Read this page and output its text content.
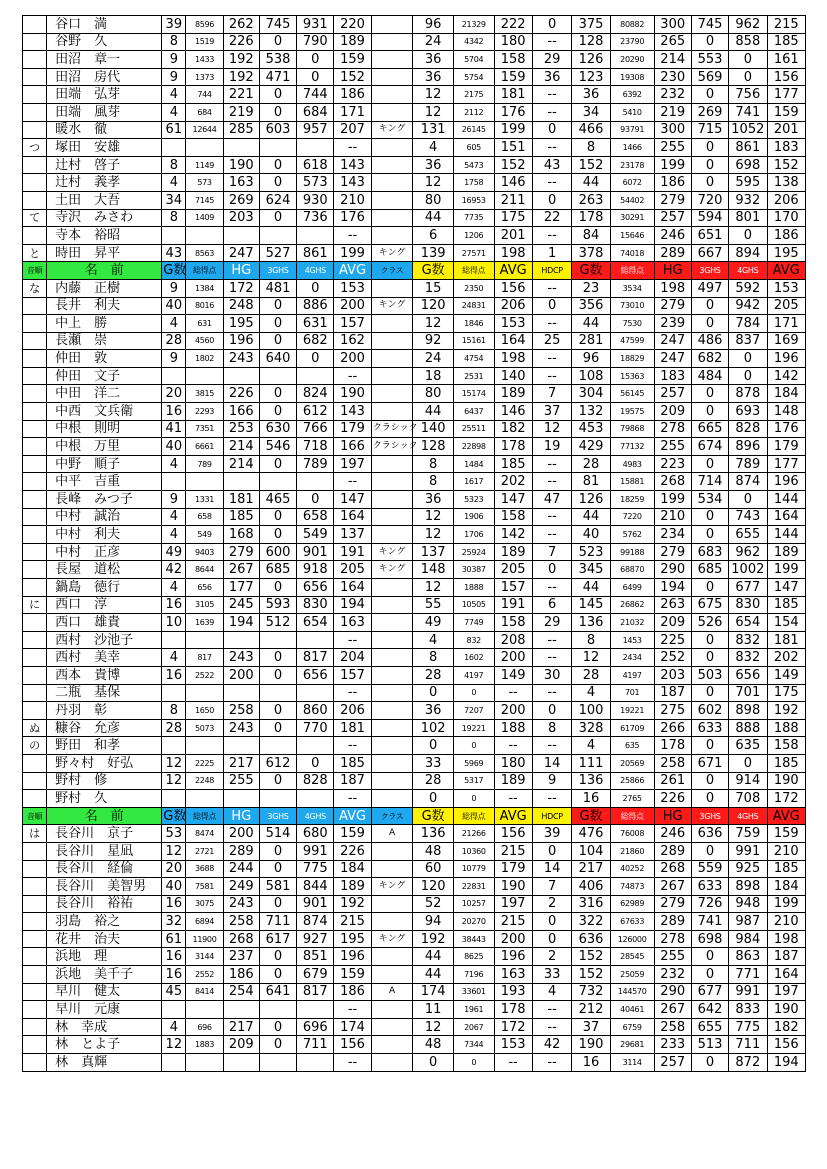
	谷口　満	39	8596	262	745	931	220		96	21329	222	0	375	80882	300	745	962	215
	谷野　久	8	1519	226	0	790	189		24	4342	180	--	128	23790	265	0	858	185
	田沼　章一	9	1433	192	538	0	159		36	5704	158	29	126	20290	214	553	0	161
	田沼　房代	9	1373	192	471	0	152		36	5754	159	36	123	19308	230	569	0	156
	田端　弘芽	4	744	221	0	744	186		12	2175	181	--	36	6392	232	0	756	177
	田端　風芽	4	684	219	0	684	171		12	2112	176	--	34	5410	219	269	741	159
	暖水　徹	61	12644	285	603	957	207	キング	131	26145	199	0	466	93791	300	715	1052	201
つ	塚田　安雄						--		4	605	151	--	8	1466	255	0	861	183
	辻村　啓子	8	1149	190	0	618	143		36	5473	152	43	152	23178	199	0	698	152
	辻村　義孝	4	573	163	0	573	143		12	1758	146	--	44	6072	186	0	595	138
	土田　大吾	34	7145	269	624	930	210		80	16953	211	0	263	54402	279	720	932	206
て	寺沢　みさわ	8	1409	203	0	736	176		44	7735	175	22	178	30291	257	594	801	170
	寺本　裕昭						--		6	1206	201	--	84	15646	246	651	0	186
と	時田　昇平	43	8563	247	527	861	199	キング	139	27571	198	1	378	74018	289	667	894	195
音順	名　前	G数	総得点	HG	3GHS	4GHS	AVG	クラス	G数	総得点	AVG	HDCP	G数	総得点	HG	3GHS	4GHS	AVG
な	内藤　正樹	9	1384	172	481	0	153		15	2350	156	--	23	3534	198	497	592	153
	長井　利夫	40	8016	248	0	886	200	キング	120	24831	206	0	356	73010	279	0	942	205
	中上　勝	4	631	195	0	631	157		12	1846	153	--	44	7530	239	0	784	171
	長瀬　崇	28	4560	196	0	682	162		92	15161	164	25	281	47599	247	486	837	169
	仲田　敦	9	1802	243	640	0	200		24	4754	198	--	96	18829	247	682	0	196
	仲田　文子						--		18	2531	140	--	108	15363	183	484	0	142
	中田　洋二	20	3815	226	0	824	190		80	15174	189	7	304	56145	257	0	878	184
	中西　文兵衛	16	2293	166	0	612	143		44	6437	146	37	132	19575	209	0	693	148
	中根　則明	41	7351	253	630	766	179	クラシック	140	25511	182	12	453	79868	278	665	828	176
	中根　万里	40	6661	214	546	718	166	クラシック	128	22898	178	19	429	77132	255	674	896	179
	中野　順子	4	789	214	0	789	197		8	1484	185	--	28	4983	223	0	789	177
	中平　吉重						--		8	1617	202	--	81	15881	268	714	874	196
	長峰　みつ子	9	1331	181	465	0	147		36	5323	147	47	126	18259	199	534	0	144
	中村　誠治	4	658	185	0	658	164		12	1906	158	--	44	7220	210	0	743	164
	中村　利夫	4	549	168	0	549	137		12	1706	142	--	40	5762	234	0	655	144
	中村　正彦	49	9403	279	600	901	191	キング	137	25924	189	7	523	99188	279	683	962	189
	長屋　道松	42	8644	267	685	918	205	キング	148	30387	205	0	345	68870	290	685	1002	199
	鍋島　徳行	4	656	177	0	656	164		12	1888	157	--	44	6499	194	0	677	147
に	西口　淳	16	3105	245	593	830	194		55	10505	191	6	145	26862	263	675	830	185
	西口　雄貴	10	1639	194	512	654	163		49	7749	158	29	136	21032	209	526	654	154
	西村　沙池子						--		4	832	208	--	8	1453	225	0	832	181
	西村　美幸	4	817	243	0	817	204		8	1602	200	--	12	2434	252	0	832	202
	西本　貴博	16	2522	200	0	656	157		28	4197	149	30	28	4197	203	503	656	149
	二瓶　基保						--		0	0	--	--	4	701	187	0	701	175
	丹羽　彰	8	1650	258	0	860	206		36	7207	200	0	100	19221	275	602	898	192
ぬ	糠谷　允彦	28	5073	243	0	770	181		102	19221	188	8	328	61709	266	633	888	188
の	野田　和孝						--		0	0	--	--	4	635	178	0	635	158
	野々村　好弘	12	2225	217	612	0	185		33	5969	180	14	111	20569	258	671	0	185
	野村　修	12	2248	255	0	828	187		28	5317	189	9	136	25866	261	0	914	190
	野村　久						--		0	0	--	--	16	2765	226	0	708	172
音順	名　前	G数	総得点	HG	3GHS	4GHS	AVG	クラス	G数	総得点	AVG	HDCP	G数	総得点	HG	3GHS	4GHS	AVG
は	長谷川　京子	53	8474	200	514	680	159	A	136	21266	156	39	476	76008	246	636	759	159
	長谷川　星凪	12	2721	289	0	991	226		48	10360	215	0	104	21860	289	0	991	210
	長谷川　経倫	20	3688	244	0	775	184		60	10779	179	14	217	40252	268	559	925	185
	長谷川　美智男	40	7581	249	581	844	189	キング	120	22831	190	7	406	74873	267	633	898	184
	長谷川　裕祐	16	3075	243	0	901	192		52	10257	197	2	316	62989	279	726	948	199
	羽島　裕之	32	6894	258	711	874	215		94	20270	215	0	322	67633	289	741	987	210
	花井　治夫	61	11900	268	617	927	195	キング	192	38443	200	0	636	126000	278	698	984	198
	浜地　理	16	3144	237	0	851	196		44	8625	196	2	152	28545	255	0	863	187
	浜地　美千子	16	2552	186	0	679	159		44	7196	163	33	152	25059	232	0	771	164
	早川　健太	45	8414	254	641	817	186	A	174	33601	193	4	732	144570	290	677	991	197
	早川　元康						--		11	1961	178	--	212	40461	267	642	833	190
	林　幸成	4	696	217	0	696	174		12	2067	172	--	37	6759	258	655	775	182
	林　とよ子	12	1883	209	0	711	156		48	7344	153	42	190	29681	233	513	711	156
	林　真輝						--		0	0	--	--	16	3114	257	0	872	194
